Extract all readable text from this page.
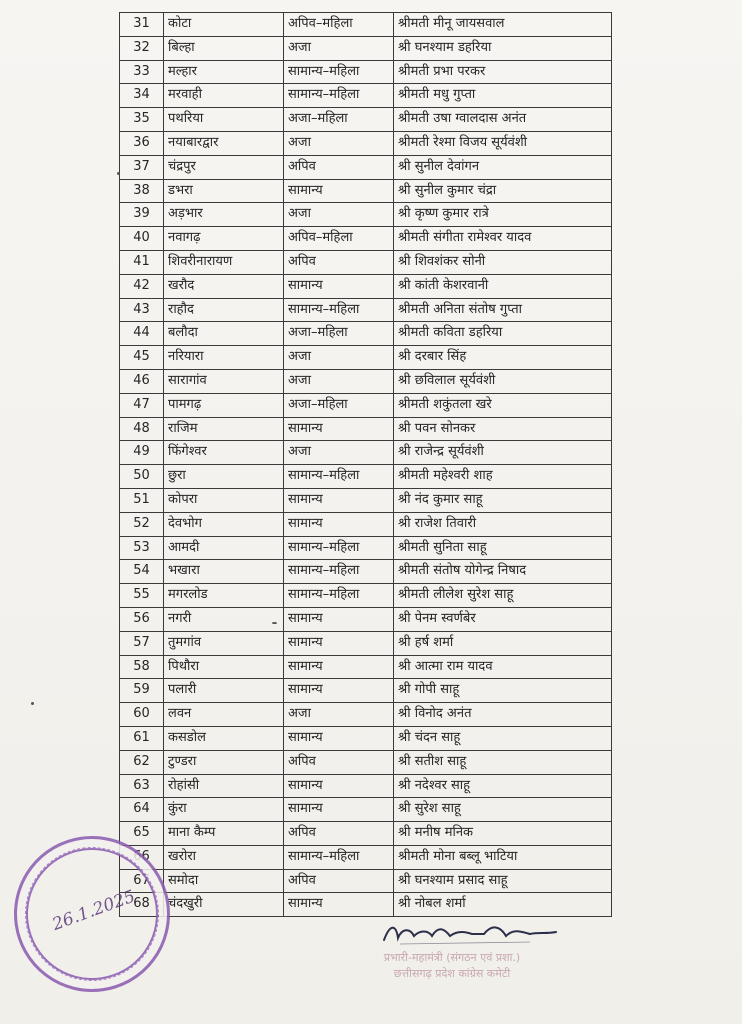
31	कोटा	अपिव–महिला	श्रीमती मीनू जायसवाल
32	बिल्हा	अजा	श्री घनश्याम डहरिया
33	मल्हार	सामान्य–महिला	श्रीमती प्रभा परकर
34	मरवाही	सामान्य–महिला	श्रीमती मधु गुप्ता
35	पथरिया	अजा–महिला	श्रीमती उषा ग्वालदास अनंत
36	नयाबारद्वार	अजा	श्रीमती रेश्मा विजय सूर्यवंशी
37	चंद्रपुर	अपिव	श्री सुनील देवांगन
38	डभरा	सामान्य	श्री सुनील कुमार चंद्रा
39	अड़भार	अजा	श्री कृष्ण कुमार रात्रे
40	नवागढ़	अपिव–महिला	श्रीमती संगीता रामेश्वर यादव
41	शिवरीनारायण	अपिव	श्री शिवशंकर सोनी
42	खरौद	सामान्य	श्री कांती केशरवानी
43	राहौद	सामान्य–महिला	श्रीमती अनिता संतोष गुप्ता
44	बलौदा	अजा–महिला	श्रीमती कविता डहरिया
45	नरियारा	अजा	श्री दरबार सिंह
46	सारागांव	अजा	श्री छविलाल सूर्यवंशी
47	पामगढ़	अजा–महिला	श्रीमती शकुंतला खरे
48	राजिम	सामान्य	श्री पवन सोनकर
49	फिंगेश्वर	अजा	श्री राजेन्द्र सूर्यवंशी
50	छुरा	सामान्य–महिला	श्रीमती महेश्वरी शाह
51	कोपरा	सामान्य	श्री नंद कुमार साहू
52	देवभोग	सामान्य	श्री राजेश तिवारी
53	आमदी	सामान्य–महिला	श्रीमती सुनिता साहू
54	भखारा	सामान्य–महिला	श्रीमती संतोष योगेन्द्र निषाद
55	मगरलोड	सामान्य–महिला	श्रीमती लीलेश सुरेश साहू
56	नगरी	सामान्य	श्री पेनम स्वर्णबेर
57	तुमगांव	सामान्य	श्री हर्ष शर्मा
58	पिथौरा	सामान्य	श्री आत्मा राम यादव
59	पलारी	सामान्य	श्री गोपी साहू
60	लवन	अजा	श्री विनोद अनंत
61	कसडोल	सामान्य	श्री चंदन साहू
62	टुण्डरा	अपिव	श्री सतीश साहू
63	रोहांसी	सामान्य	श्री नदेश्वर साहू
64	कुंरा	सामान्य	श्री सुरेश साहू
65	माना कैम्प	अपिव	श्री मनीष मनिक
66	खरोरा	सामान्य–महिला	श्रीमती मोना बब्लू भाटिया
67	समोदा	अपिव	श्री घनश्याम प्रसाद साहू
68	चंदखुरी	सामान्य	श्री नोबल शर्मा
26.1.2025
प्रभारी-महामंत्री (संगठन एवं प्रशा.)
छत्तीसगढ़ प्रदेश कांग्रेस कमेटी
